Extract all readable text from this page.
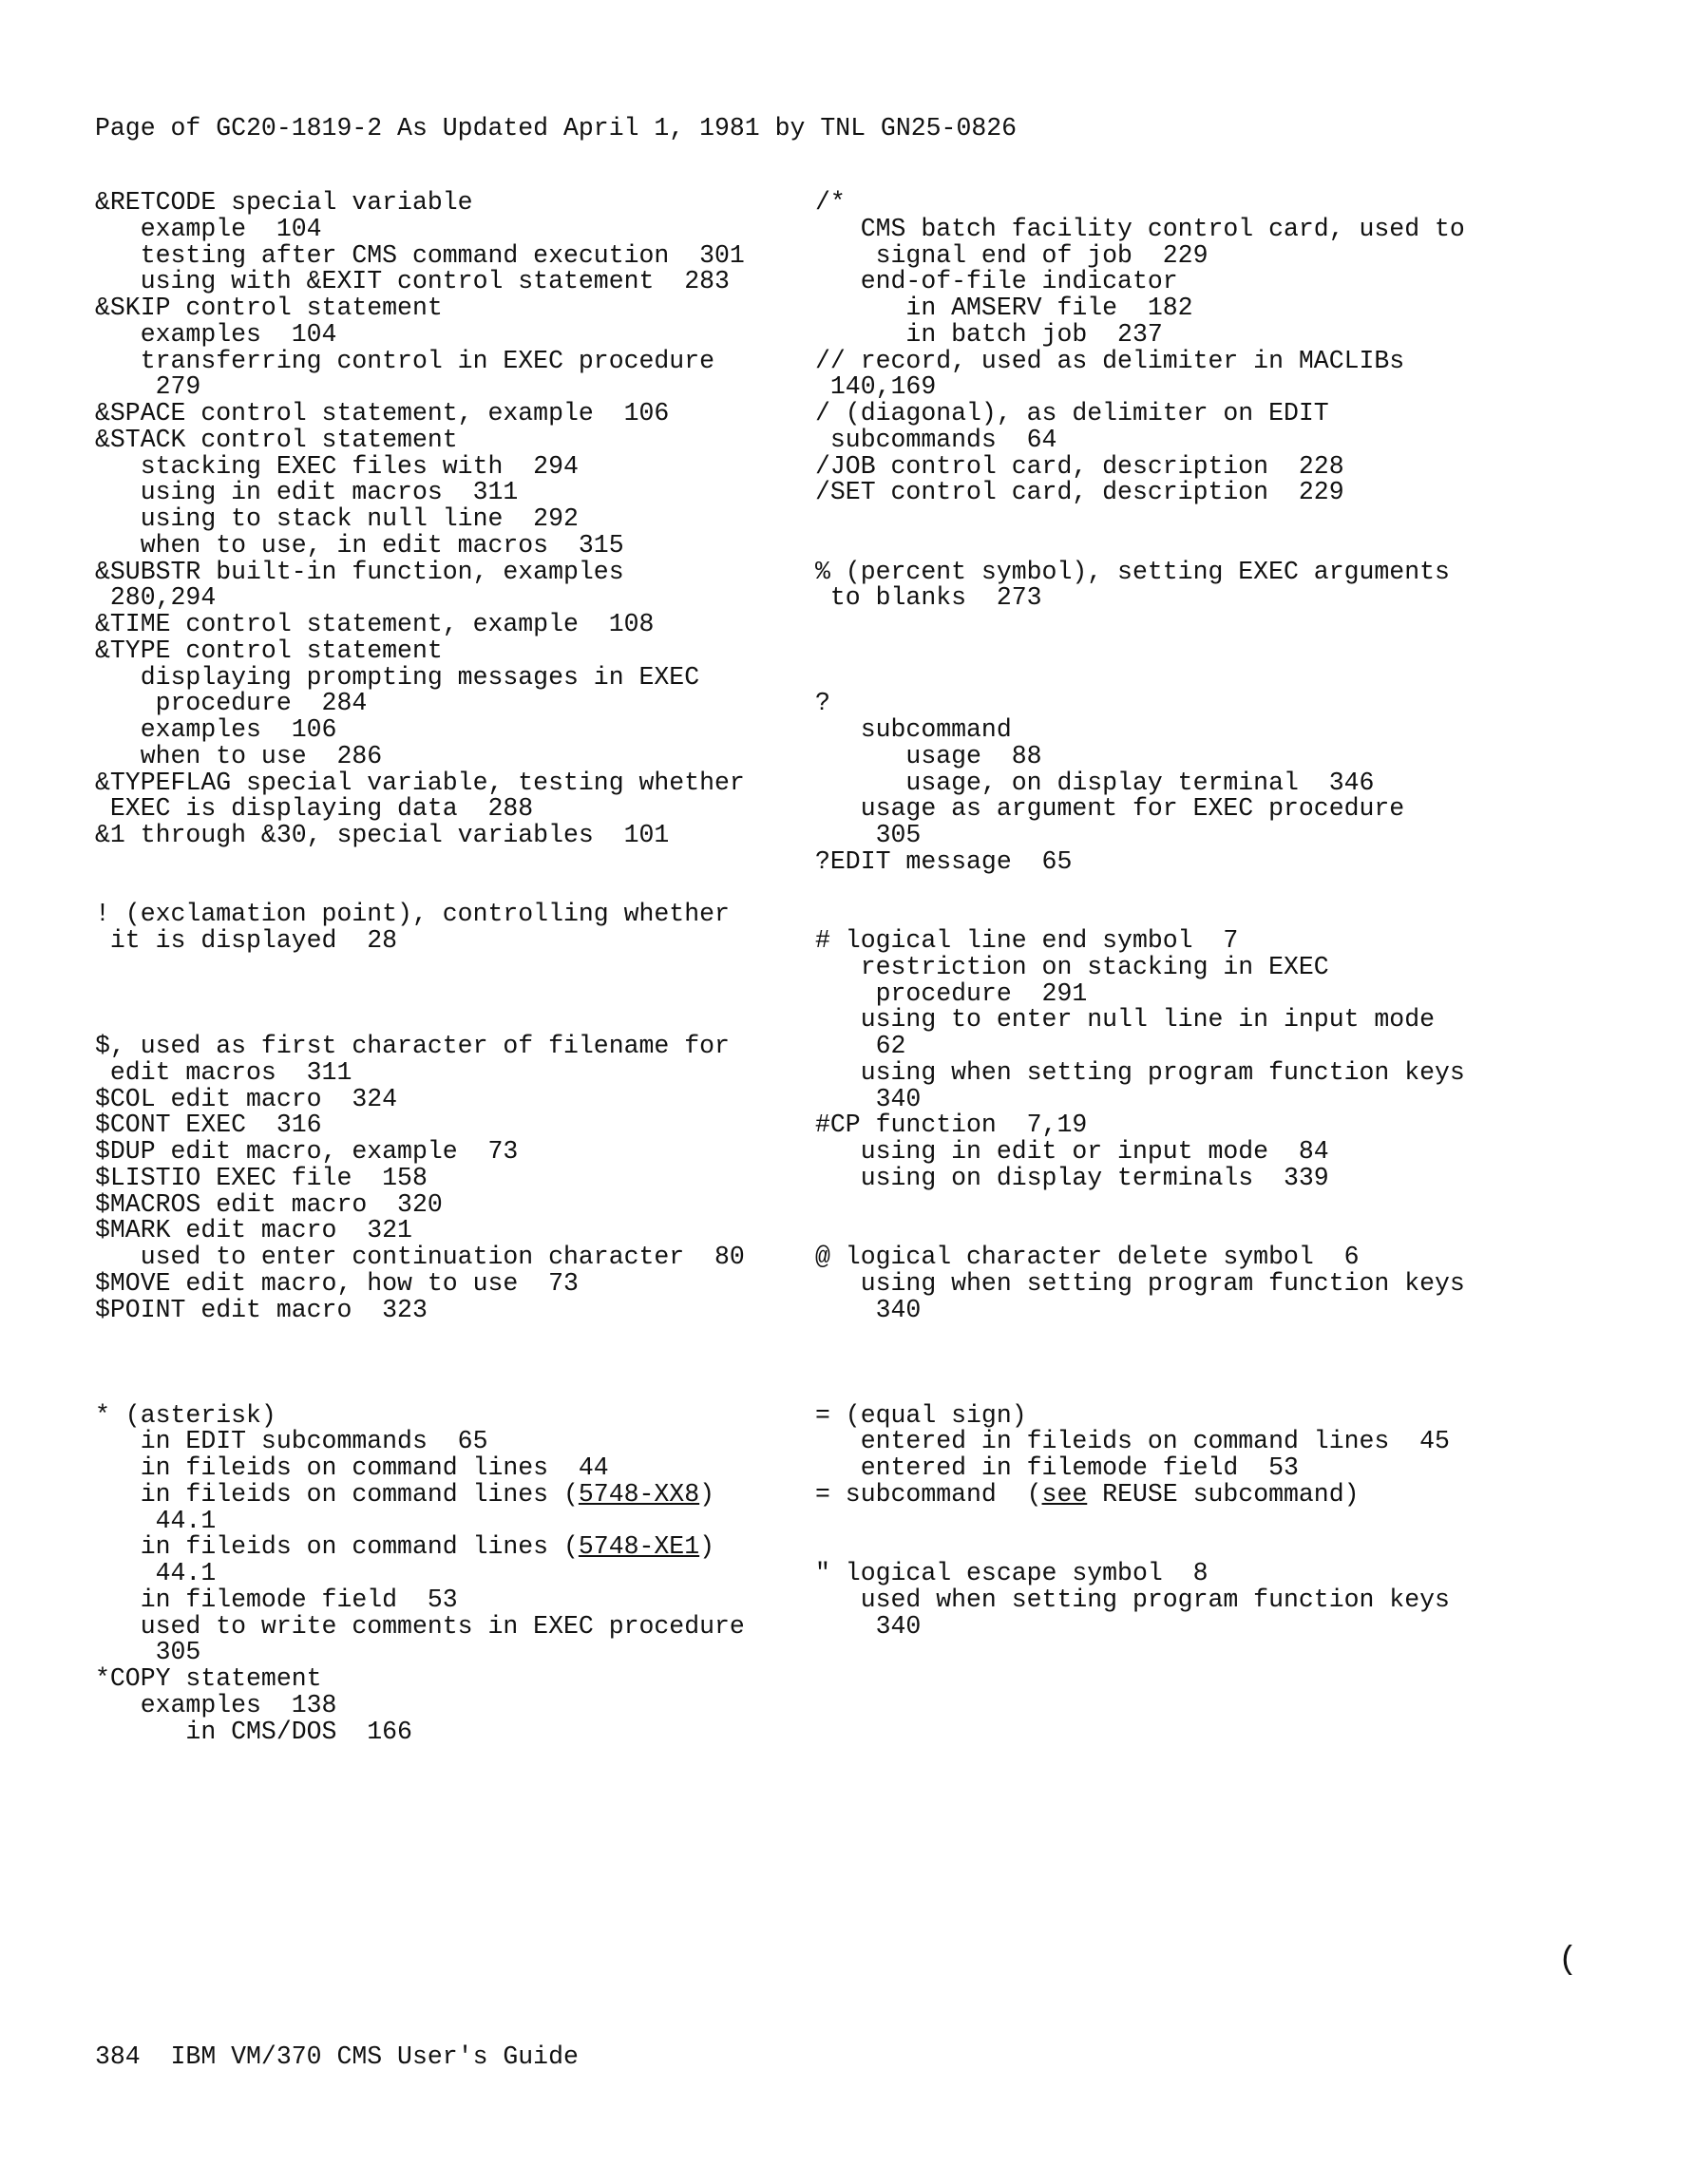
Page of GC20-1819-2 As Updated April 1, 1981 by TNL GN25-0826
&RETCODE special variable
example  104
testing after CMS command execution  301
using with &EXIT control statement  283
&SKIP control statement
examples  104
transferring control in EXEC procedure
279
&SPACE control statement, example  106
&STACK control statement
stacking EXEC files with  294
using in edit macros  311
using to stack null line  292
when to use, in edit macros  315
&SUBSTR built-in function, examples
280,294
&TIME control statement, example  108
&TYPE control statement
displaying prompting messages in EXEC
procedure  284
examples  106
when to use  286
&TYPEFLAG special variable, testing whether
EXEC is displaying data  288
&1 through &30, special variables  101
! (exclamation point), controlling whether
it is displayed  28
$, used as first character of filename for
edit macros  311
$COL edit macro  324
$CONT EXEC  316
$DUP edit macro, example  73
$LISTIO EXEC file  158
$MACROS edit macro  320
$MARK edit macro  321
used to enter continuation character  80
$MOVE edit macro, how to use  73
$POINT edit macro  323
* (asterisk)
in EDIT subcommands  65
in fileids on command lines  44
in fileids on command lines (5748-XX8)
44.1
in fileids on command lines (5748-XE1)
44.1
in filemode field  53
used to write comments in EXEC procedure
305
*COPY statement
examples  138
in CMS/DOS  166
/*
CMS batch facility control card, used to
signal end of job  229
end-of-file indicator
in AMSERV file  182
in batch job  237
// record, used as delimiter in MACLIBs
140,169
/ (diagonal), as delimiter on EDIT
subcommands  64
/JOB control card, description  228
/SET control card, description  229
% (percent symbol), setting EXEC arguments
to blanks  273
?
subcommand
usage  88
usage, on display terminal  346
usage as argument for EXEC procedure
305
?EDIT message  65
# logical line end symbol  7
restriction on stacking in EXEC
procedure  291
using to enter null line in input mode
62
using when setting program function keys
340
#CP function  7,19
using in edit or input mode  84
using on display terminals  339
@ logical character delete symbol  6
using when setting program function keys
340
= (equal sign)
entered in fileids on command lines  45
entered in filemode field  53
= subcommand  (see REUSE subcommand)
" logical escape symbol  8
used when setting program function keys
340
(
384  IBM VM/370 CMS User's Guide
